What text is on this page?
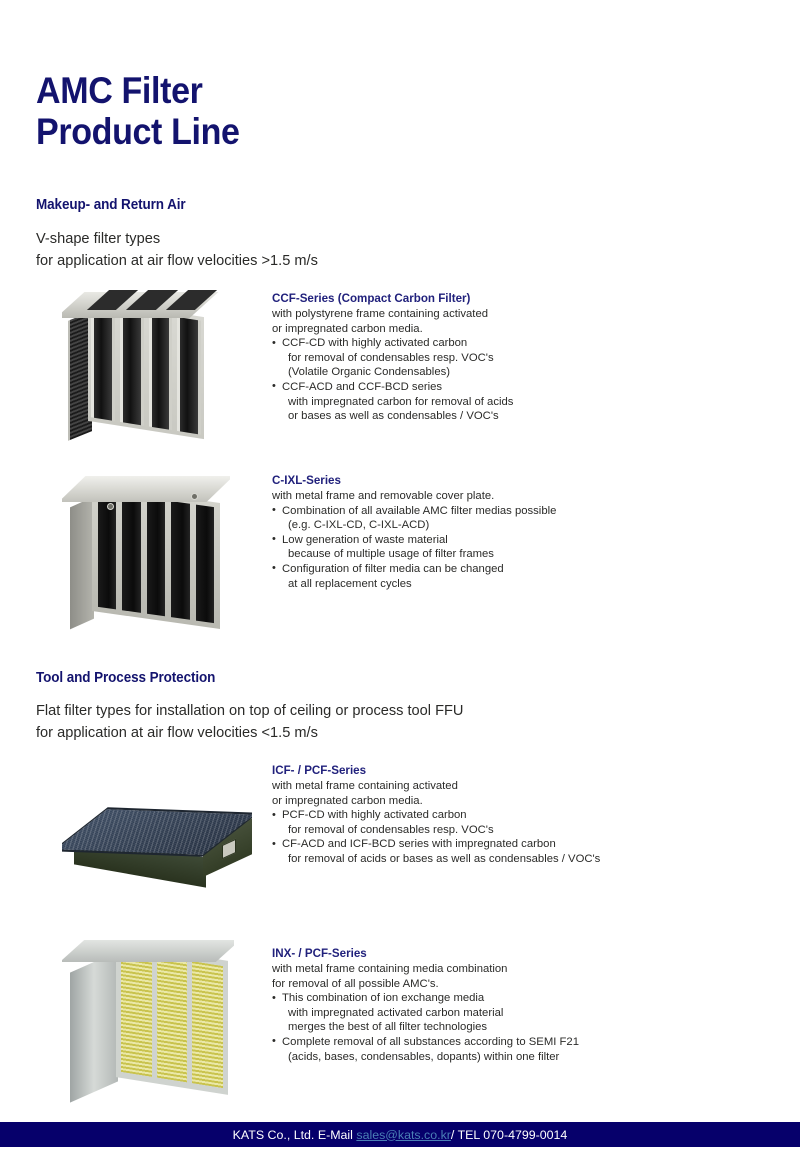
AMC Filter
Product Line
Makeup- and Return Air
V-shape filter types
for application at air flow velocities >1.5 m/s
CCF-Series (Compact Carbon Filter)
with polystyrene frame containing activated
or impregnated carbon media.
• CCF-CD with highly activated carbon
for removal of condensables resp. VOC's
(Volatile Organic Condensables)
• CCF-ACD and CCF-BCD series
with impregnated carbon for removal of acids
or bases as well as condensables / VOC's
C-IXL-Series
with metal frame and removable cover plate.
• Combination of all available AMC filter medias possible
(e.g. C-IXL-CD, C-IXL-ACD)
• Low generation of waste material
because of multiple usage of filter frames
• Configuration of filter media can be changed
at all replacement cycles
Tool and Process Protection
Flat filter types for installation on top of ceiling or process tool FFU
for application at air flow velocities <1.5 m/s
ICF- / PCF-Series
with metal frame containing activated
or impregnated carbon media.
• PCF-CD with highly activated carbon
for removal of condensables resp. VOC's
• CF-ACD and ICF-BCD series with impregnated carbon
for removal of acids or bases as well as condensables / VOC's
INX- / PCF-Series
with metal frame containing media combination
for removal of all possible AMC's.
• This combination of ion exchange media
with impregnated activated carbon material
merges the best of all filter technologies
• Complete removal of all substances according to SEMI F21
(acids, bases, condensables, dopants) within one filter
KATS Co., Ltd. E-Mail sales@kats.co.kr/ TEL 070-4799-0014
